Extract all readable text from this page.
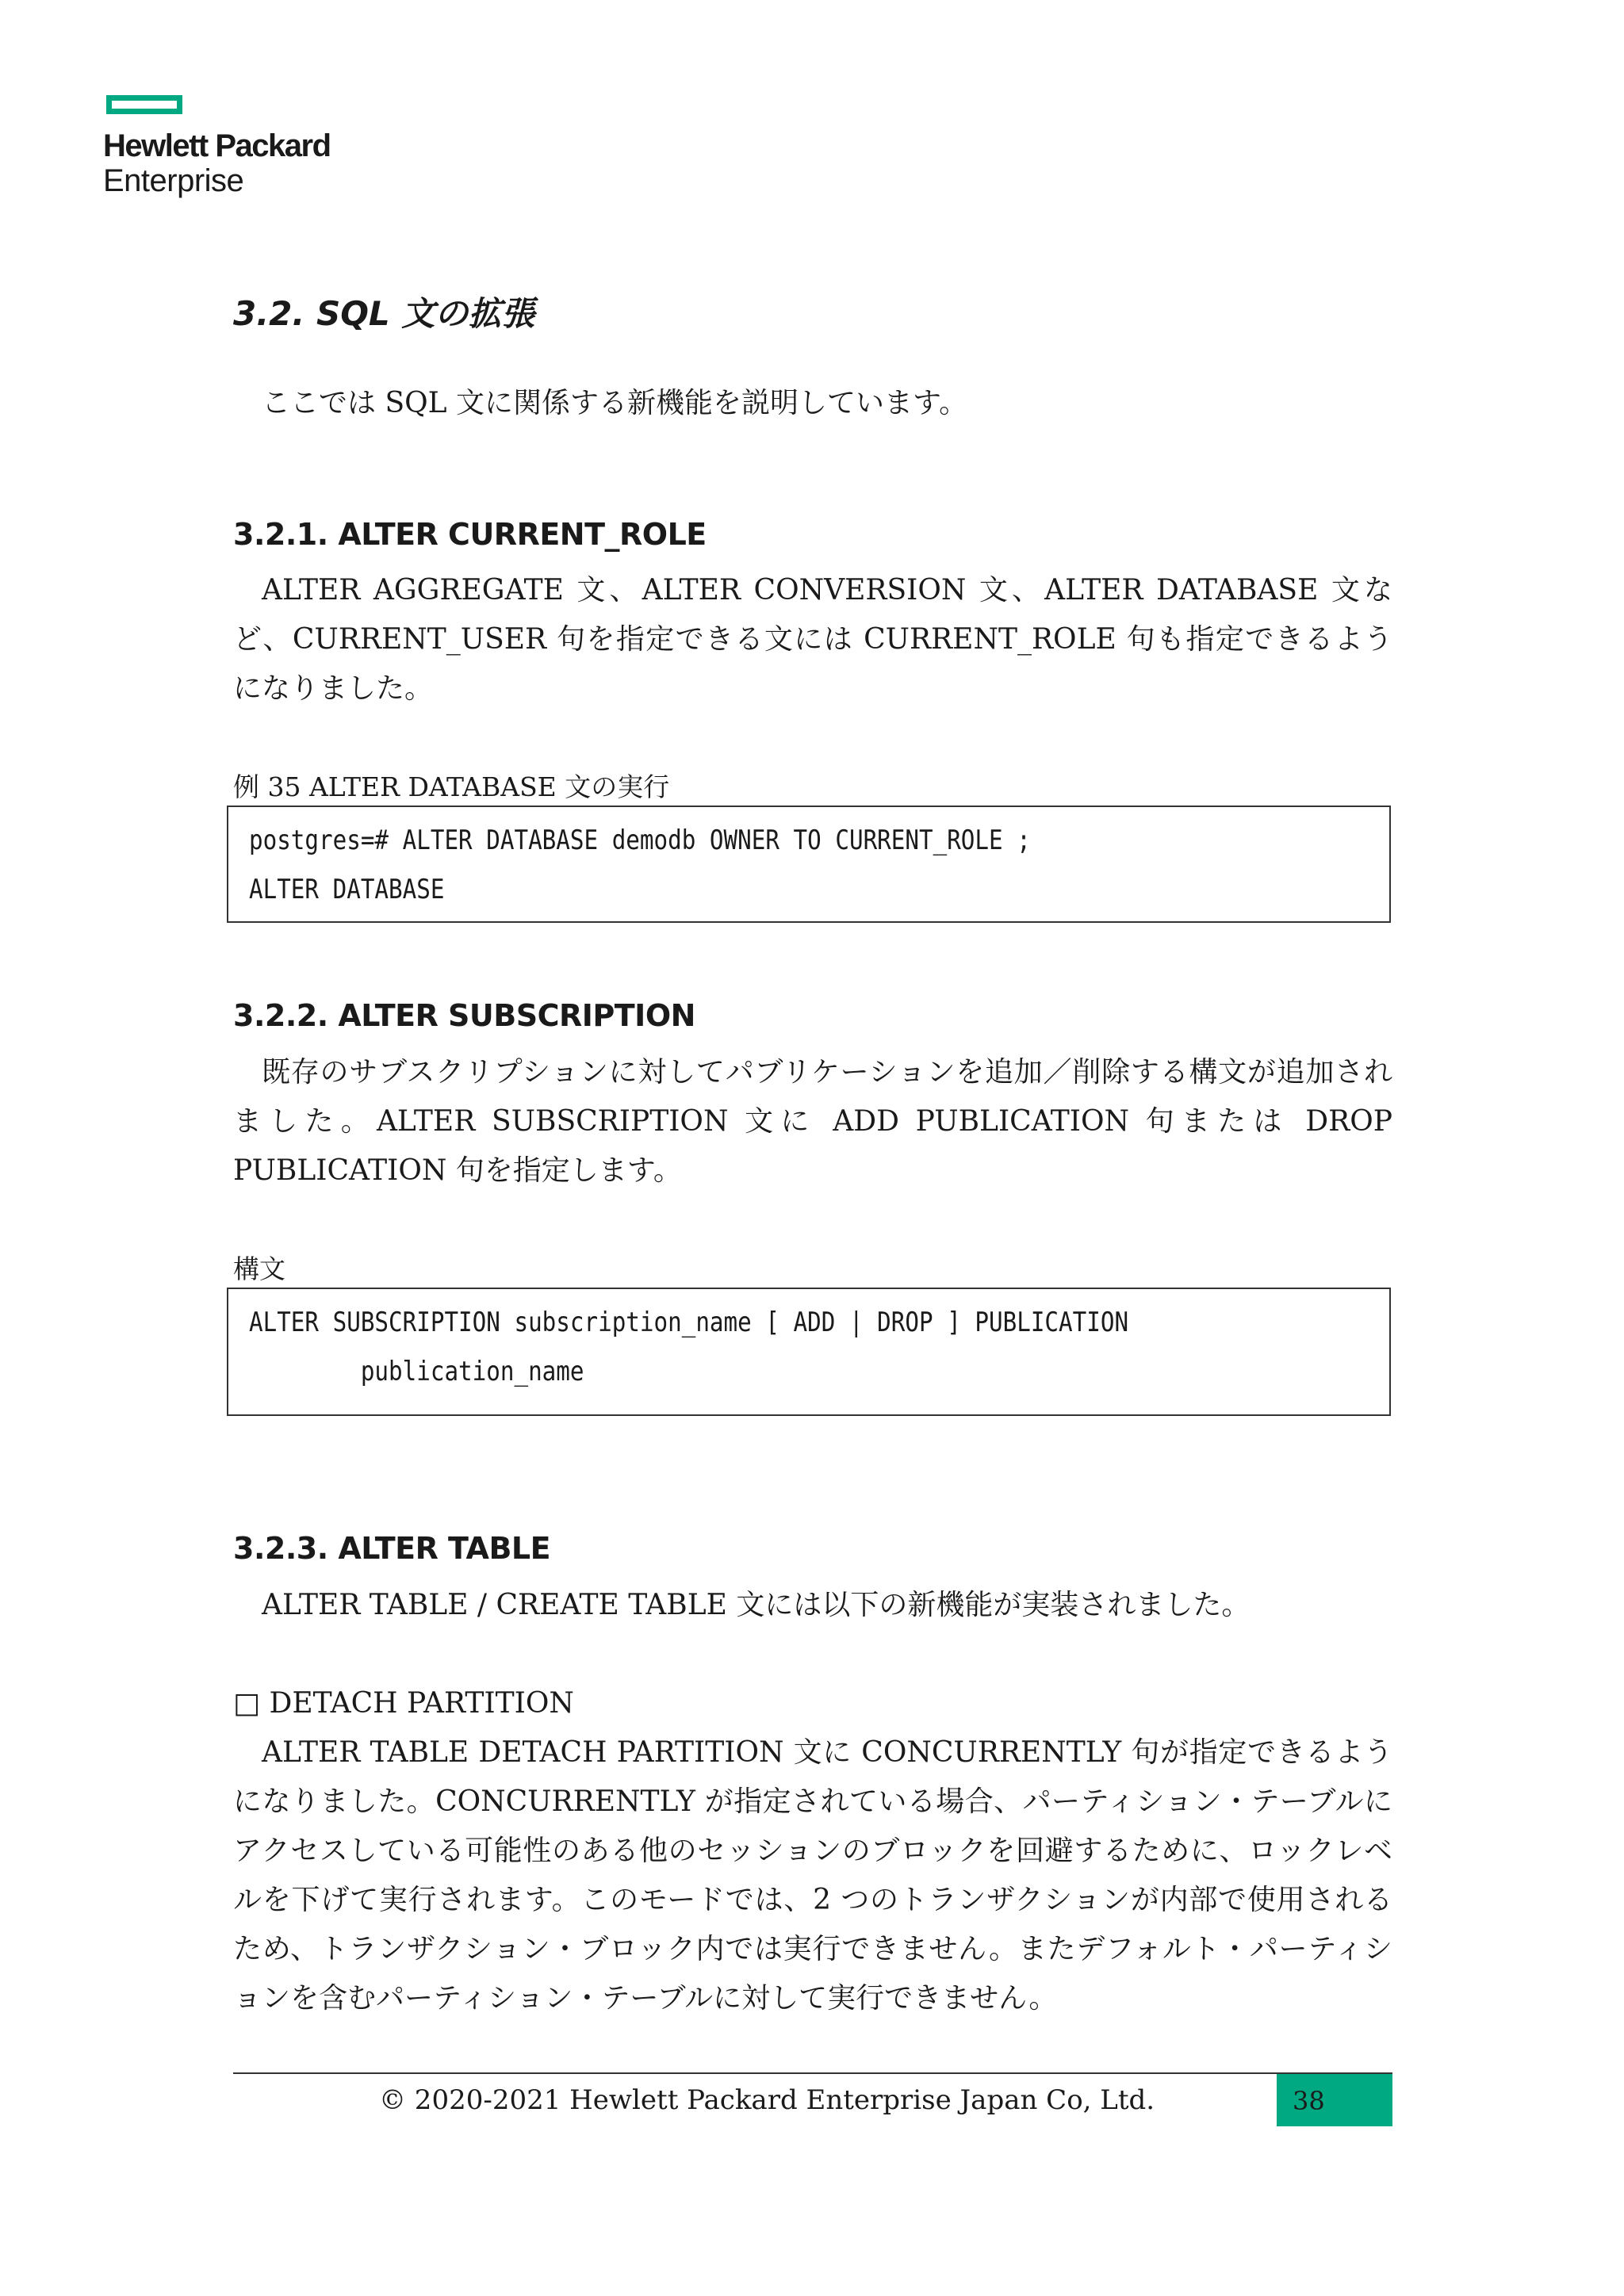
Hewlett Packard
Enterprise
3.2. SQL 文の拡張

ここでは SQL 文に関係する新機能を説明しています。

3.2.1. ALTER CURRENT_ROLE

ALTER AGGREGATE 文、ALTER CONVERSION 文、ALTER DATABASE 文など、CURRENT_USER 句を指定できる文には CURRENT_ROLE 句も指定できるようになりました。

例 35 ALTER DATABASE 文の実行
postgres=# ALTER DATABASE demodb OWNER TO CURRENT_ROLE ;
ALTER DATABASE
3.2.2. ALTER SUBSCRIPTION

既存のサブスクリプションに対してパブリケーションを追加／削除する構文が追加されました。ALTER SUBSCRIPTION 文に ADD PUBLICATION 句または DROP PUBLICATION 句を指定します。

構文
ALTER SUBSCRIPTION subscription_name [ ADD | DROP ] PUBLICATION
publication_name
3.2.3. ALTER TABLE

ALTER TABLE / CREATE TABLE 文には以下の新機能が実装されました。

□ DETACH PARTITION

ALTER TABLE DETACH PARTITION 文に CONCURRENTLY 句が指定できるようになりました。CONCURRENTLY が指定されている場合、パーティション・テーブルにアクセスしている可能性のある他のセッションのブロックを回避するために、ロックレベルを下げて実行されます。このモードでは、2 つのトランザクションが内部で使用されるため、トランザクション・ブロック内では実行できません。またデフォルト・パーティションを含むパーティション・テーブルに対して実行できません。

© 2020-2021 Hewlett Packard Enterprise Japan Co, Ltd.	38
